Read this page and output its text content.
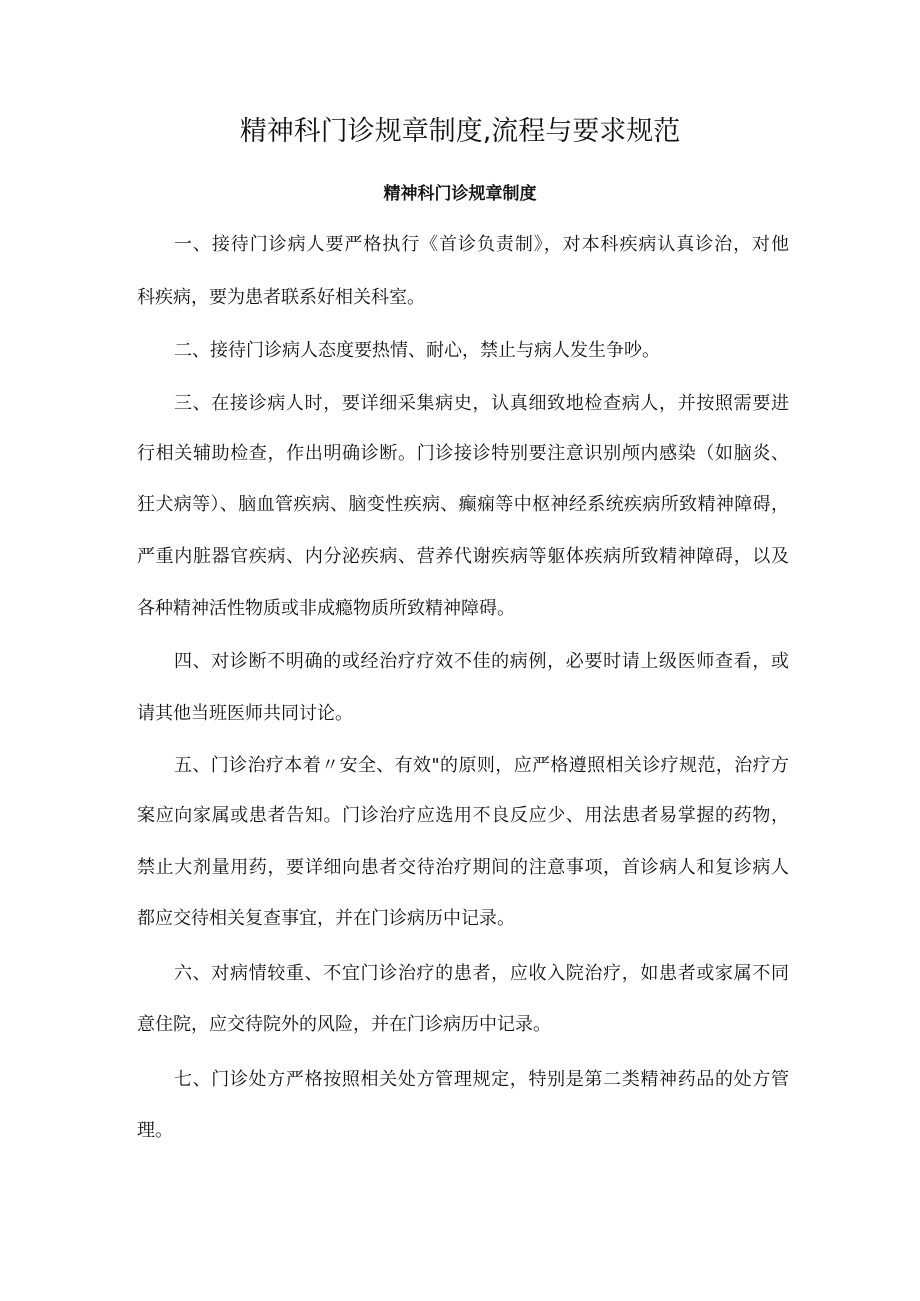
精神科门诊规章制度,流程与要求规范
精神科门诊规章制度

一、接待门诊病人要严格执行《首诊负责制》，对本科疾病认真诊治，对他

科疾病，要为患者联系好相关科室。

二、接待门诊病人态度要热情、耐心，禁止与病人发生争吵。

三、在接诊病人时，要详细采集病史，认真细致地检查病人，并按照需要进

行相关辅助检查，作出明确诊断。门诊接诊特别要注意识别颅内感染（如脑炎、

狂犬病等）、脑血管疾病、脑变性疾病、癫痫等中枢神经系统疾病所致精神障碍，

严重内脏器官疾病、内分泌疾病、营养代谢疾病等躯体疾病所致精神障碍，以及

各种精神活性物质或非成瘾物质所致精神障碍。

四、对诊断不明确的或经治疗疗效不佳的病例，必要时请上级医师查看，或

请其他当班医师共同讨论。

五、门诊治疗本着〃安全、有效"的原则，应严格遵照相关诊疗规范，治疗方

案应向家属或患者告知。门诊治疗应选用不良反应少、用法患者易掌握的药物，

禁止大剂量用药，要详细向患者交待治疗期间的注意事项，首诊病人和复诊病人

都应交待相关复查事宜，并在门诊病历中记录。

六、对病情较重、不宜门诊治疗的患者，应收入院治疗，如患者或家属不同

意住院，应交待院外的风险，并在门诊病历中记录。

七、门诊处方严格按照相关处方管理规定，特别是第二类精神药品的处方管

理。
